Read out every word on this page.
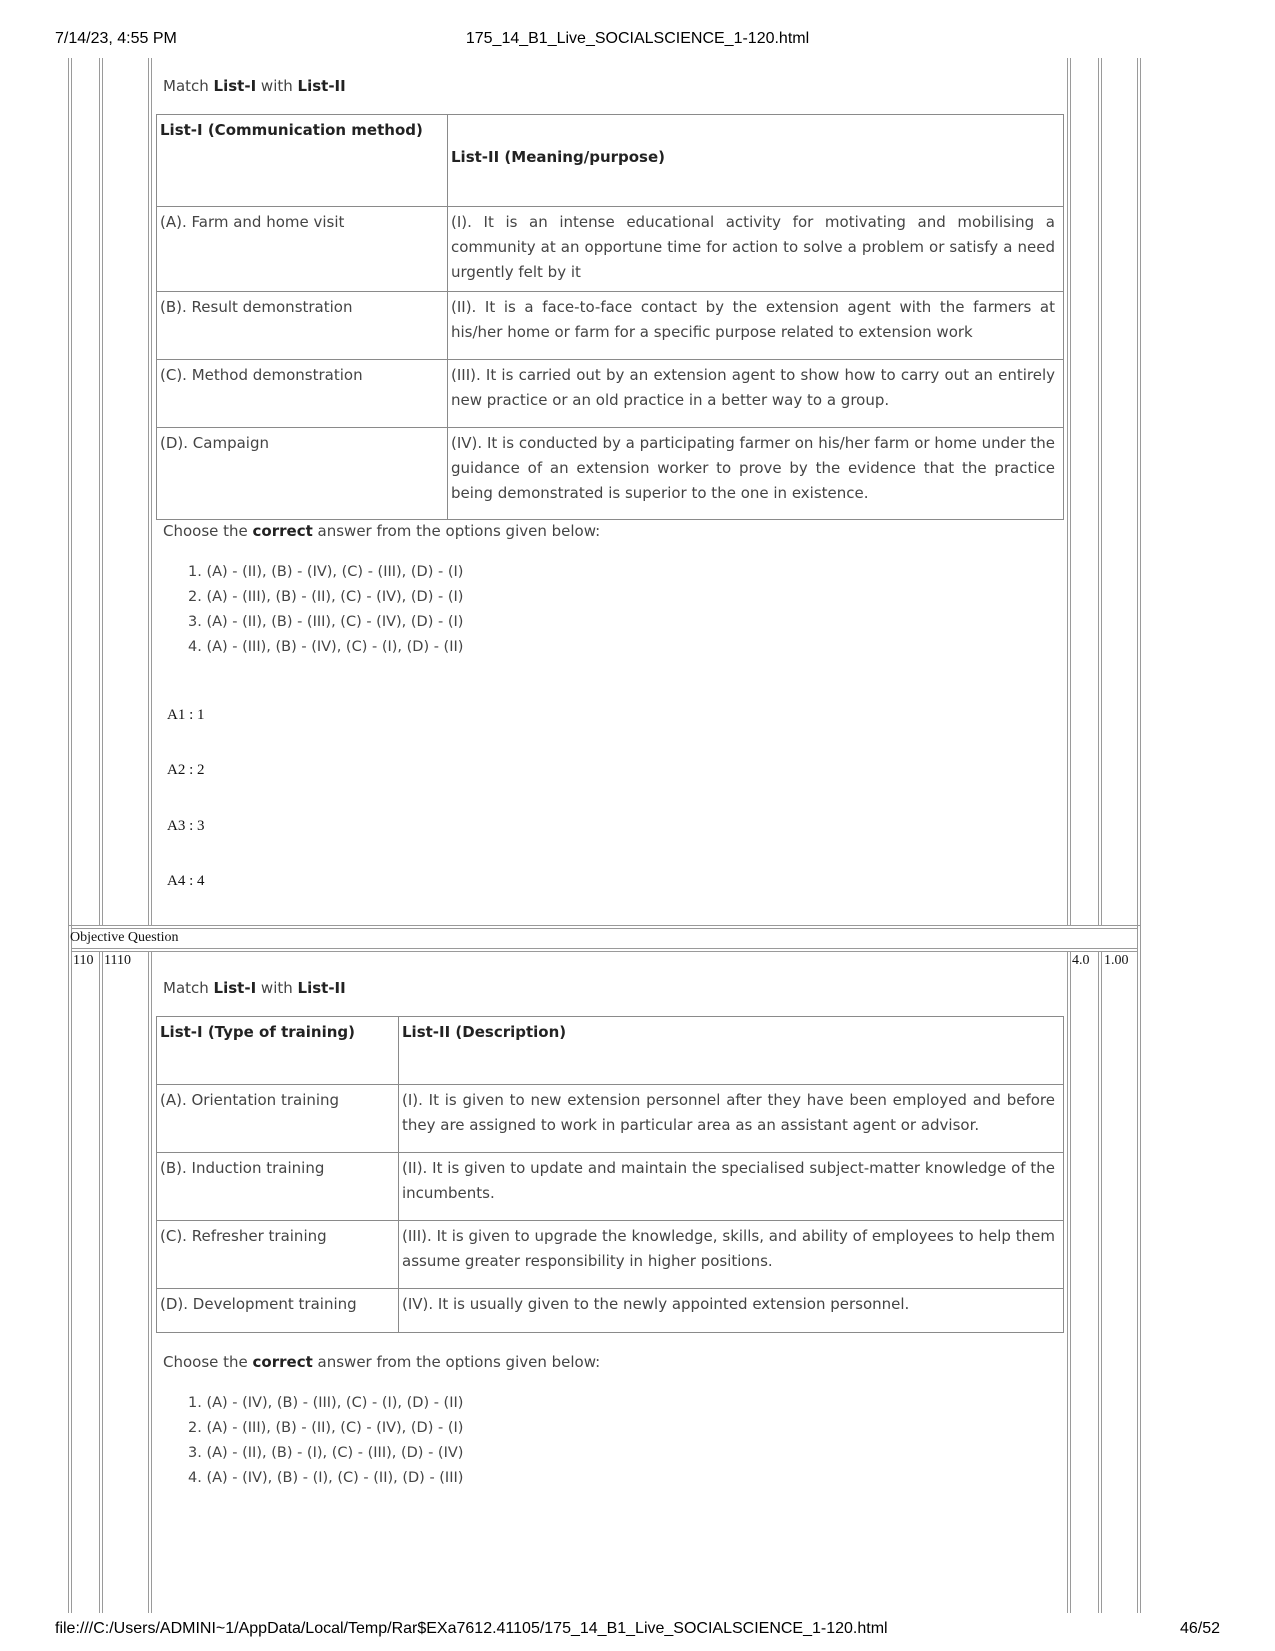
7/14/23, 4:55 PM	175_14_B1_Live_SOCIALSCIENCE_1-120.html
Match List-I with List-II
List-I (Communication method)	List-II (Meaning/purpose)
(A). Farm and home visit	(I). It is an intense educational activity for motivating and mobilising a community at an opportune time for action to solve a problem or satisfy a need urgently felt by it
(B). Result demonstration	(II). It is a face-to-face contact by the extension agent with the farmers at his/her home or farm for a specific purpose related to extension work
(C). Method demonstration	(III). It is carried out by an extension agent to show how to carry out an entirely new practice or an old practice in a better way to a group.
(D). Campaign	(IV). It is conducted by a participating farmer on his/her farm or home under the guidance of an extension worker to prove by the evidence that the practice being demonstrated is superior to the one in existence.
Choose the correct answer from the options given below:
1. (A) - (II), (B) - (IV), (C) - (III), (D) - (I)
2. (A) - (III), (B) - (II), (C) - (IV), (D) - (I)
3. (A) - (II), (B) - (III), (C) - (IV), (D) - (I)
4. (A) - (III), (B) - (IV), (C) - (I), (D) - (II)
A1 : 1
A2 : 2
A3 : 3
A4 : 4
Objective Question
110 1110	4.0 1.00
Match List-I with List-II
List-I (Type of training)	List-II (Description)
(A). Orientation training	(I). It is given to new extension personnel after they have been employed and before they are assigned to work in particular area as an assistant agent or advisor.
(B). Induction training	(II). It is given to update and maintain the specialised subject-matter knowledge of the incumbents.
(C). Refresher training	(III). It is given to upgrade the knowledge, skills, and ability of employees to help them assume greater responsibility in higher positions.
(D). Development training	(IV). It is usually given to the newly appointed extension personnel.
Choose the correct answer from the options given below:
1. (A) - (IV), (B) - (III), (C) - (I), (D) - (II)
2. (A) - (III), (B) - (II), (C) - (IV), (D) - (I)
3. (A) - (II), (B) - (I), (C) - (III), (D) - (IV)
4. (A) - (IV), (B) - (I), (C) - (II), (D) - (III)
file:///C:/Users/ADMINI~1/AppData/Local/Temp/Rar$EXa7612.41105/175_14_B1_Live_SOCIALSCIENCE_1-120.html	46/52
